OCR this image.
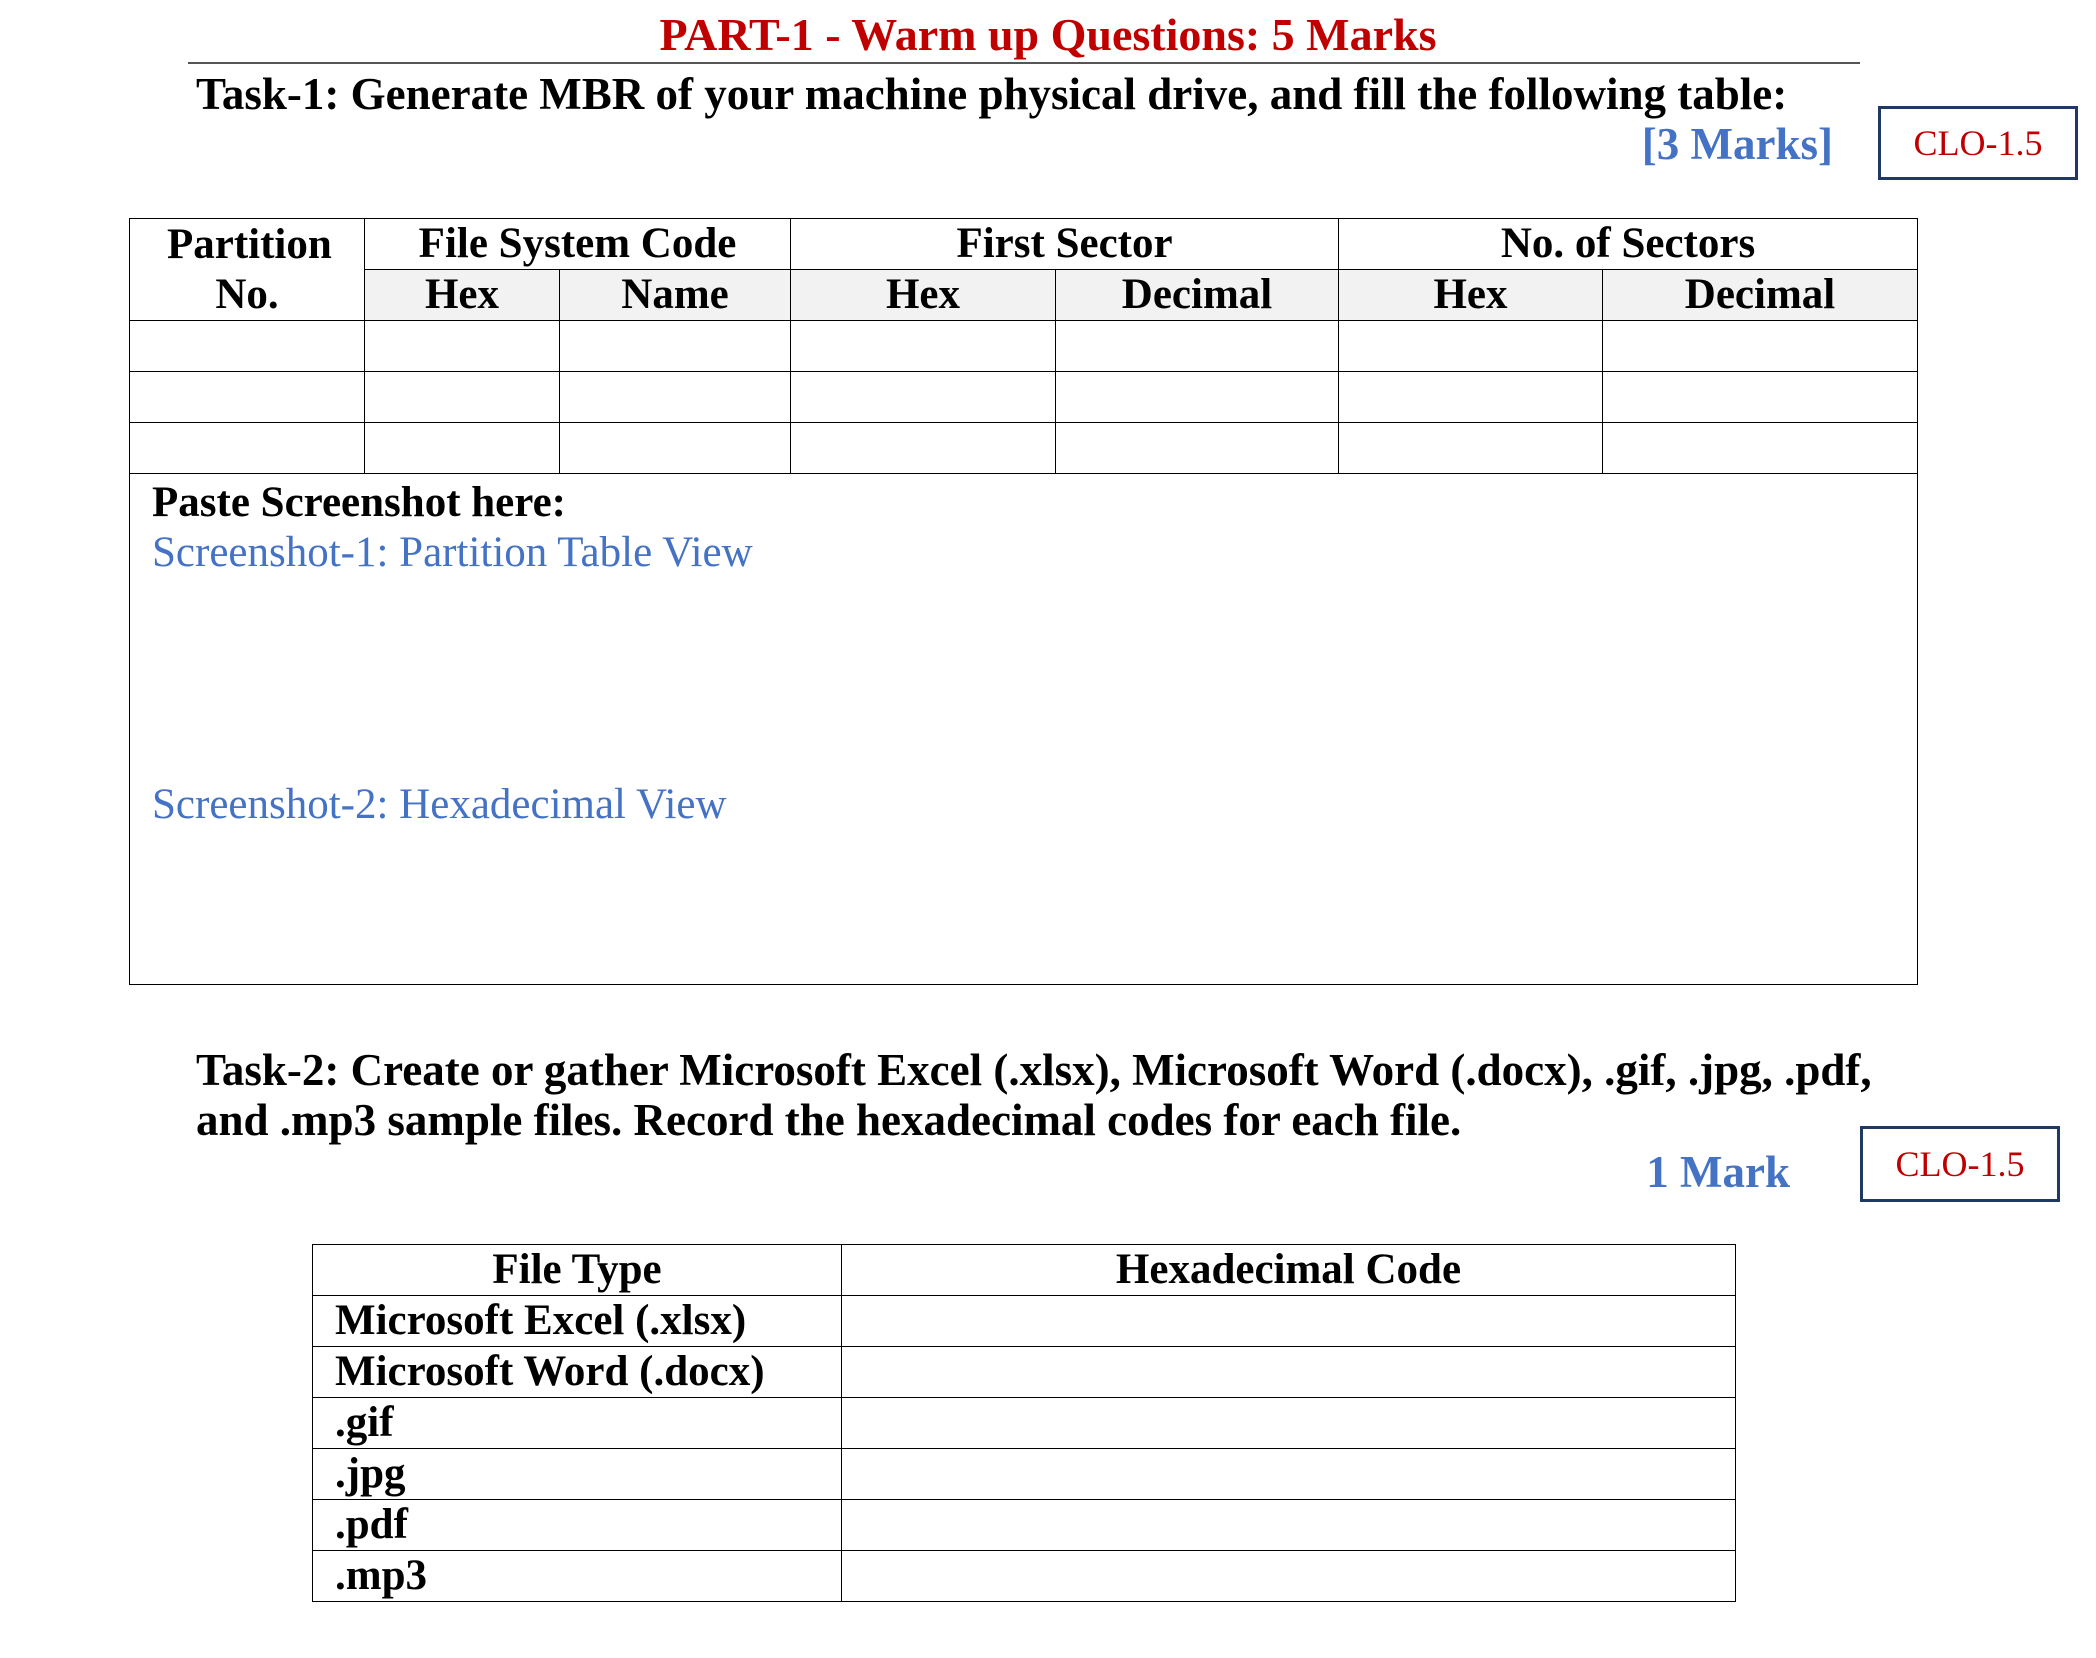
PART-1 - Warm up Questions: 5 Marks
Task-1: Generate MBR of your machine physical drive, and fill the following table:
[3 Marks]	CLO-1.5
Partition No.	File System Code		First Sector		No. of Sectors	
	Hex	Name	Hex	Decimal	Hex	Decimal

Paste Screenshot here:
Screenshot-1: Partition Table View
Screenshot-2: Hexadecimal View						
Task-2: Create or gather Microsoft Excel (.xlsx), Microsoft Word (.docx), .gif, .jpg, .pdf,
and .mp3 sample files. Record the hexadecimal codes for each file.
1 Mark	CLO-1.5
File Type	Hexadecimal Code
Microsoft Excel (.xlsx)	
Microsoft Word (.docx)	
.gif	
.jpg	
.pdf	
.mp3	
